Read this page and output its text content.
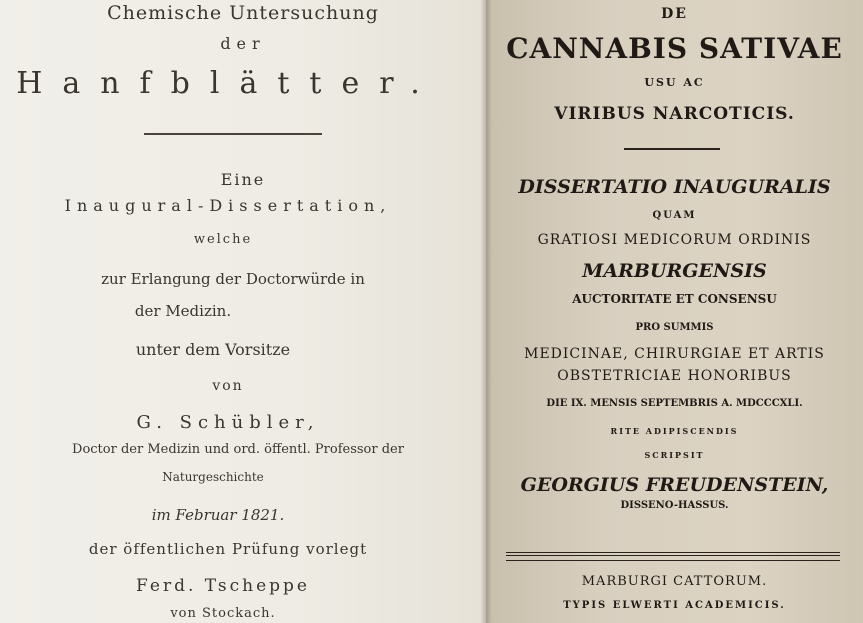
Chemische Untersuchung
der
Hanfblätter.
Eine
Inaugural-Dissertation,
welche
zur Erlangung der Doctorwürde in
der Medizin.
unter dem Vorsitze
von
G. Schübler,
Doctor der Medizin und ord. öffentl. Professor der
Naturgeschichte
im Februar 1821.
der öffentlichen Prüfung vorlegt
Ferd. Tscheppe
von Stockach.
DE
CANNABIS SATIVAE
USU AC
VIRIBUS NARCOTICIS.
DISSERTATIO INAUGURALIS
QUAM
GRATIOSI MEDICORUM ORDINIS
MARBURGENSIS
AUCTORITATE ET CONSENSU
PRO SUMMIS
MEDICINAE, CHIRURGIAE ET ARTIS
OBSTETRICIAE HONORIBUS
DIE IX. MENSIS SEPTEMBRIS A. MDCCCXLI.
RITE ADIPISCENDIS
SCRIPSIT
GEORGIUS FREUDENSTEIN,
DISSENO-HASSUS.
MARBURGI CATTORUM.
TYPIS ELWERTI ACADEMICIS.
